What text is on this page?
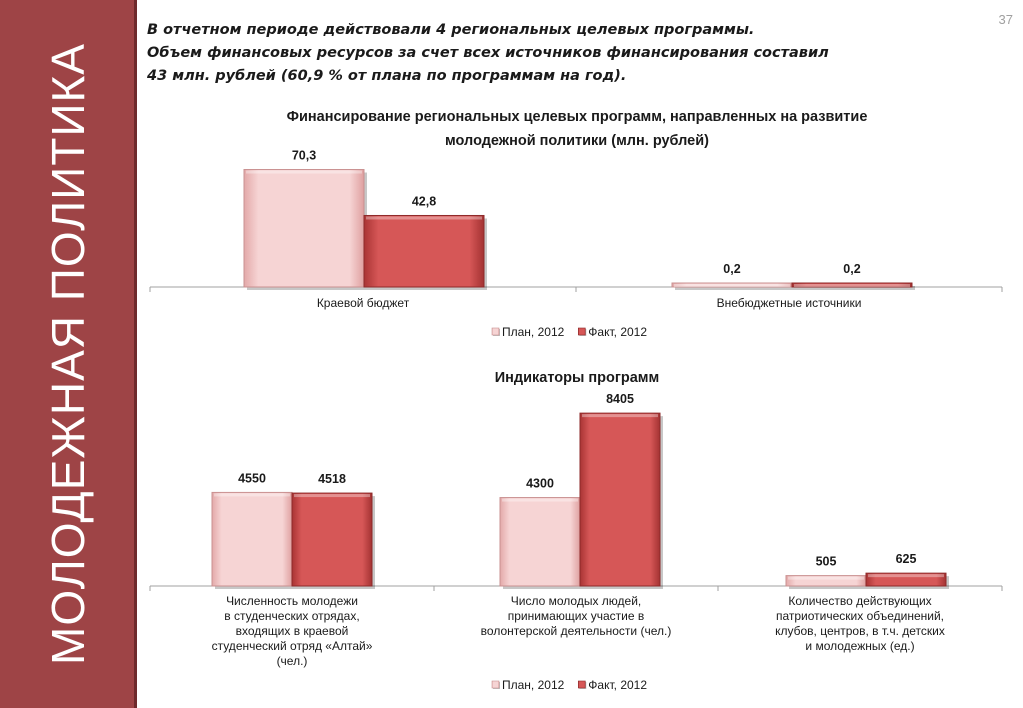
МОЛОДЕЖНАЯ ПОЛИТИКА
37
В отчетном периоде действовали 4 региональных целевых программы.
Объем финансовых ресурсов за счет всех источников финансирования составил
43 млн. рублей (60,9 % от плана по программам на год).
Финансирование региональных целевых программ, направленных на развитие
молодежной политики (млн. рублей)
70,3
42,8
Краевой бюджет
0,2	0,2
Внебюджетные источники
План, 2012 Факт, 2012
Индикаторы программ
4550	4518
Численность молодежи
в студенческих отрядах,
входящих в краевой
студенческий отряд «Алтай»
(чел.)
4300
8405
Число молодых людей,
принимающих участие в
волонтерской деятельности (чел.)
505	625
Количество действующих
патриотических объединений,
клубов, центров, в т.ч. детских
и молодежных (ед.)
План, 2012 Факт, 2012
